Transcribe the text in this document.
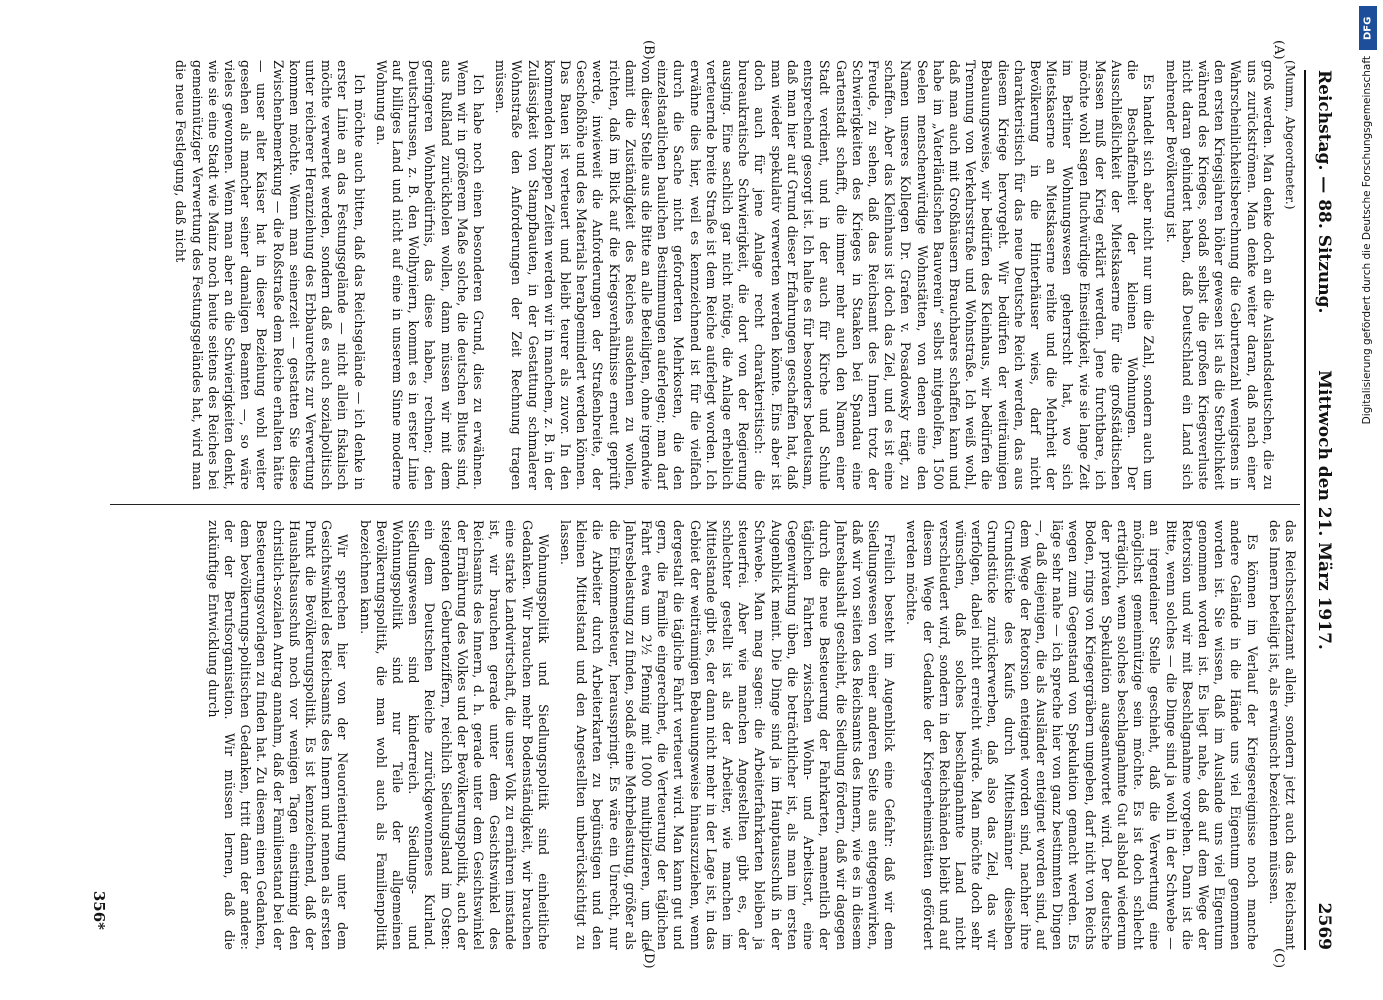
Reichstag. — 88. Sitzung.
Mittwoch den 21. März 1917.
2569

(Mumm, Abgeordneter.)

groß werden. Man denke doch an die Auslandsdeutschen, die zu uns zurückströmen. Man denke weiter daran, daß nach einer Wahrscheinlichkeitsberechnung die Geburtenzahl wenigstens in den ersten Kriegsjahren höher gewesen ist als die Sterblichkeit während des Krieges, sodaß selbst die großen Kriegsverluste nicht daran gehindert haben, daß Deutschland ein Land sich mehrender Bevölkerung ist.

Es handelt sich aber nicht nur um die Zahl, sondern auch um die Beschaffenheit der kleinen Wohnungen. Der Ausschließlichkeit der Mietskaserne für die großstädtischen Massen muß der Krieg erklärt werden. Jene furchtbare, ich möchte wohl sagen fluchwürdige Einseitigkeit, wie sie lange Zeit im Berliner Wohnungswesen geherrscht hat, wo sich Mietskaserne an Mietskaserne reihte und die Mehrheit der Bevölkerung in die Hinterhäuser wies, darf nicht charakteristisch für das neue Deutsche Reich werden, das aus diesem Kriege hervorgeht. Wir bedürfen der weiträumigen Bebauungsweise, wir bedürfen des Kleinhaus, wir bedürfen die Trennung von Verkehrsstraße und Wohnstraße. Ich weiß wohl, daß man auch mit Großhäusern Brauchbares schaffen kann und habe im „Vaterländischen Bauverein“ selbst mitgeholfen, 1500 Seelen menschenwürdige Wohnstätten, von denen eine den Namen unseres Kollegen Dr. Grafen v. Posadowsky trägt, zu schaffen. Aber das Kleinhaus ist doch das Ziel, und es ist eine Freude, zu sehen, daß das Reichsamt des Innern trotz der Schwierigkeiten des Krieges in Staaken bei Spandau eine Gartenstadt schafft, die immer mehr auch den Namen einer Stadt verdient, und in der auch für Kirche und Schule entsprechend gesorgt ist. Ich halte es für besonders bedeutsam, daß man hier auf Grund dieser Erfahrungen geschaffen hat, daß man wieder spekulativ verwerten werden könnte. Eins aber ist doch auch für jene Anlage recht charakteristisch: die bureaukratische Schwierigkeit, die dort von der Regierung ausging. Eine sachlich gar nicht nötige, die Anlage erheblich verteuernde breite Straße ist dem Reiche auferlegt worden. Ich erwähne dies hier, weil es kennzeichnend ist für die vielfach durch die Sache nicht geforderten Mehrkosten, die den einzelstaatlichen baulichen Bestimmungen auferlegen; man darf von dieser Stelle aus die Bitte an alle Beteiligten, ohne irgendwie damit die Zuständigkeit des Reiches ausdehnen zu wollen, richten, daß im Blick auf die Kriegsverhältnisse erneut geprüft werde, inwieweit die Anforderungen der Straßenbreite, der Geschoßhöhe und des Materials herabgemindert werden können. Das Bauen ist verteuert und bleibt teurer als zuvor. In den kommenden knappen Zeiten werden wir in manchem, z. B. in der Zulässigkeit von Stampfbauten, in der Gestattung schmalerer Wohnstraße den Anforderungen der Zeit Rechnung tragen müssen.

Ich habe noch einen besonderen Grund, dies zu erwähnen. Wenn wir in größerem Maße solche, die deutschen Blutes sind, aus Rußland zurückholen wollen, dann müssen wir mit dem geringeren Wohnbedürfnis, das diese haben, rechnen; den Deutschrussen, z. B. den Wolhyniern, kommt es in erster Linie auf billiges Land und nicht auf eine in unserem Sinne moderne Wohnung an.

Ich möchte auch bitten, daß das Reichsgelände — ich denke in erster Linie an das Festungsgelände — nicht allein fiskalisch möchte verwertet werden, sondern daß es auch sozialpolitisch unter reicherer Heranziehung des Erbbaurechts zur Verwertung kommen möchte. Wenn man seinerzeit — gestatten Sie diese Zwischenbemerkung — die Roßstraße dem Reiche erhalten hätte — unser alter Kaiser hat in dieser Beziehung wohl weiter gesehen als mancher seiner damaligen Beamten —, so wäre vieles gewonnen. Wenn man aber an die Schwierigkeiten denkt, wie sie eine Stadt wie Mainz noch heute seitens des Reiches bei gemeinnütziger Verwertung des Festungsgeländes hat, wird man die neue Festlegung, daß nicht

(A)
(B)

das Reichsschatzamt allein, sondern jetzt auch das Reichsamt des Innern beteiligt ist, als erwünscht bezeichnen müssen.

Es können im Verlauf der Kriegsereignisse noch manche andere Gelände in die Hände uns viel Eigentum genommen worden ist. Sie wissen, daß im Auslande uns viel Eigentum genommen worden ist. Es liegt nahe, daß auf dem Wege der Retorsion und wir mit Beschlagnahme vorgehen. Dann ist die Bitte, wenn solches — die Dinge sind ja wohl in der Schwebe — an irgendeiner Stelle geschieht, daß die Verwertung eine möglichst gemeinnützige sein möchte. Es ist doch schlecht erträglich, wenn solches beschlagnahmte Gut alsbald wiederum der privaten Spekulation ausgeantwortet wird. Der deutsche Boden, rings von Kriegergräbern umgeben, darf nicht von Reichs wegen zum Gegenstand von Spekulation gemacht werden. Es läge sehr nahe — ich spreche hier von ganz bestimmten Dingen —, daß diejenigen, die als Ausländer enteignet worden sind, auf dem Wege der Retorsion enteignet worden sind, nachher ihre Grundstücke des Kaufs durch Mittelsmänner dieselben Grundstücke zurückerwerben, daß also das Ziel, das wir verfolgen, dabei nicht erreicht würde. Man möchte doch sehr wünschen, daß solches beschlagnahmte Land nicht verschleudert wird, sondern in den Reichshänden bleibt und auf diesem Wege der Gedanke der Kriegerheimstätten gefördert werden möchte.

Freilich besteht im Augenblick eine Gefahr: daß wir dem Siedlungswesen von einer anderen Seite aus entgegenwirken, daß wir von seiten des Reichsamts des Innern, wie es in diesem Jahreshaushalt geschieht, die Siedlung fördern, daß wir dagegen durch die neue Besteuerung der Fahrkarten, namentlich der täglichen Fahrten zwischen Wohn- und Arbeitsort, eine Gegenwirkung üben, die beträchtlicher ist, als man im ersten Augenblick meint. Die Dinge sind ja im Hauptausschuß in der Schwebe. Man mag sagen: die Arbeiterfahrkarten bleiben ja steuerfrei. Aber wie manchen Angestellten gibt es, der schlechter gestellt ist als der Arbeiter, wie manchen im Mittelstande gibt es, der dann nicht mehr in der Lage ist, in das Gebiet der weiträumigen Bebauungsweise hinauszuziehen, wenn dergestalt die tägliche Fahrt verteuert wird. Man kann gut und gern, die Familie eingerechnet, die Verteuerung der täglichen Fahrt etwa um 2½ Pfennig mit 1000 multiplizieren, um die Jahresbelastung zu finden, sodaß eine Mehrbelastung, größer als die Einkommensteuer, herausspringt. Es wäre ein Unrecht, nur die Arbeiter durch Arbeiterkarten zu begünstigen und den kleinen Mittelstand und den Angestellten unberücksichtigt zu lassen.

Wohnungspolitik und Siedlungspolitik sind einheitliche Gedanken. Wir brauchen mehr Bodenständigkeit, wir brauchen eine starke Landwirtschaft, die unser Volk zu ernähren imstande ist, wir brauchen gerade unter dem Gesichtswinkel des Reichsamts des Innern, d. h. gerade unter dem Gesichtswinkel der Ernährung des Volkes und der Bevölkerungspolitik, auch der steigenden Geburtenziffern, reichlich Siedlungsland im Osten: ein dem Deutschen Reiche zurückgewonnenes Kurland. Siedlungswesen sind kinderreich. Siedlungs- und Wohnungspolitik sind nur Teile der allgemeinen Bevölkerungspolitik, die man wohl auch als Familienpolitik bezeichnen kann.

Wir sprechen hier von der Neuorientierung unter dem Gesichtswinkel des Reichsamts des Innern und nennen als ersten Punkt die Bevölkerungspolitik. Es ist kennzeichnend, daß der Haushaltsausschuß noch vor wenigen Tagen einstimmig den christlich-sozialen Antrag annahm, daß der Familienstand bei der Besteuerungsvorlagen zu finden hat. Zu diesem einen Gedanken, dem bevölkerungs-politischen Gedanken, tritt dann der andere: der der Berufsorganisation. Wir müssen lernen, daß die zukünftige Entwicklung durch

(C)
(D)
356*
DFG
Digitalisierung gefördert durch die Deutsche Forschungsgemeinschaft
